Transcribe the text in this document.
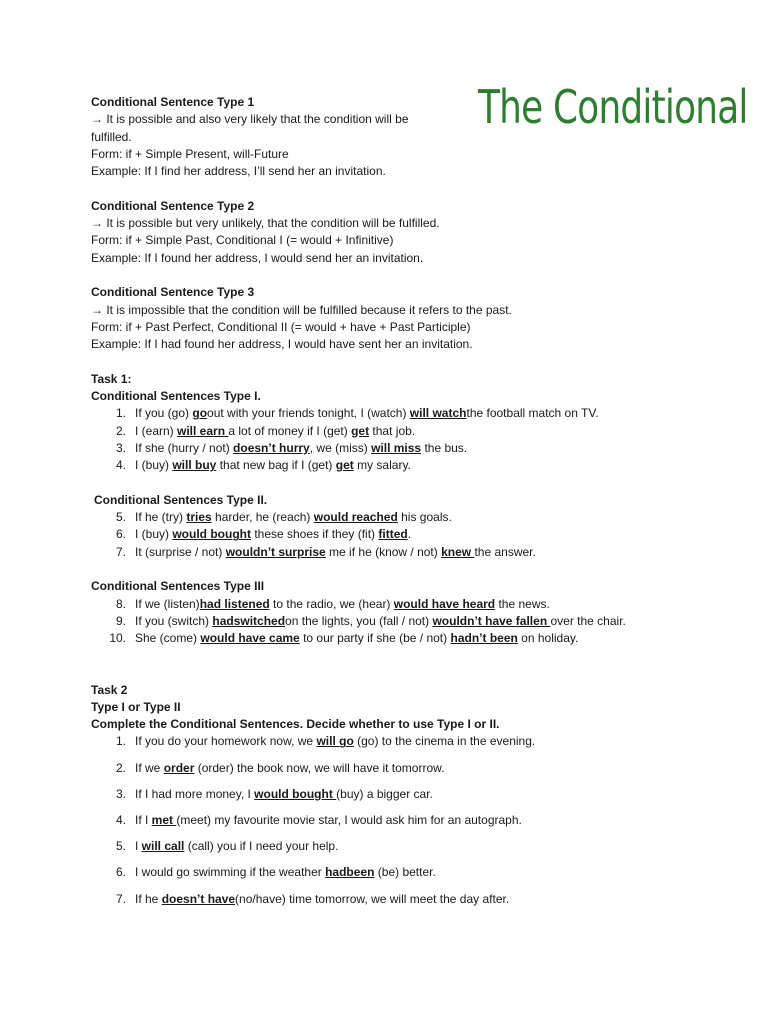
The Conditional
Conditional Sentence Type 1
→ It is possible and also very likely that the condition will be
fulfilled.
Form: if + Simple Present, will-Future
Example: If I find her address, I’ll send her an invitation.
Conditional Sentence Type 2
→ It is possible but very unlikely, that the condition will be fulfilled.
Form: if + Simple Past, Conditional I (= would + Infinitive)
Example: If I found her address, I would send her an invitation.
Conditional Sentence Type 3
→ It is impossible that the condition will be fulfilled because it refers to the past.
Form: if + Past Perfect, Conditional II (= would + have + Past Participle)
Example: If I had found her address, I would have sent her an invitation.
Task 1:
Conditional Sentences Type I.
1. If you (go) goout with your friends tonight, I (watch) will watchthe football match on TV.
2. I (earn) will earn a lot of money if I (get) get that job.
3. If she (hurry / not) doesn’t hurry, we (miss) will miss the bus.
4. I (buy) will buy that new bag if I (get) get my salary.
Conditional Sentences Type II.
5. If he (try) tries harder, he (reach) would reached his goals.
6. I (buy) would bought these shoes if they (fit) fitted.
7. It (surprise / not) wouldn’t surprise me if he (know / not) knew the answer.
Conditional Sentences Type III
8. If we (listen)had listened to the radio, we (hear) would have heard the news.
9. If you (switch) hadswitchedon the lights, you (fall / not) wouldn’t have fallen over the chair.
10. She (come) would have came to our party if she (be / not) hadn’t been on holiday.
Task 2
Type I or Type II
Complete the Conditional Sentences. Decide whether to use Type I or II.
1. If you do your homework now, we will go (go) to the cinema in the evening.
2. If we order (order) the book now, we will have it tomorrow.
3. If I had more money, I would bought (buy) a bigger car.
4. If I met (meet) my favourite movie star, I would ask him for an autograph.
5. I will call (call) you if I need your help.
6. I would go swimming if the weather hadbeen (be) better.
7. If he doesn’t have(no/have) time tomorrow, we will meet the day after.
